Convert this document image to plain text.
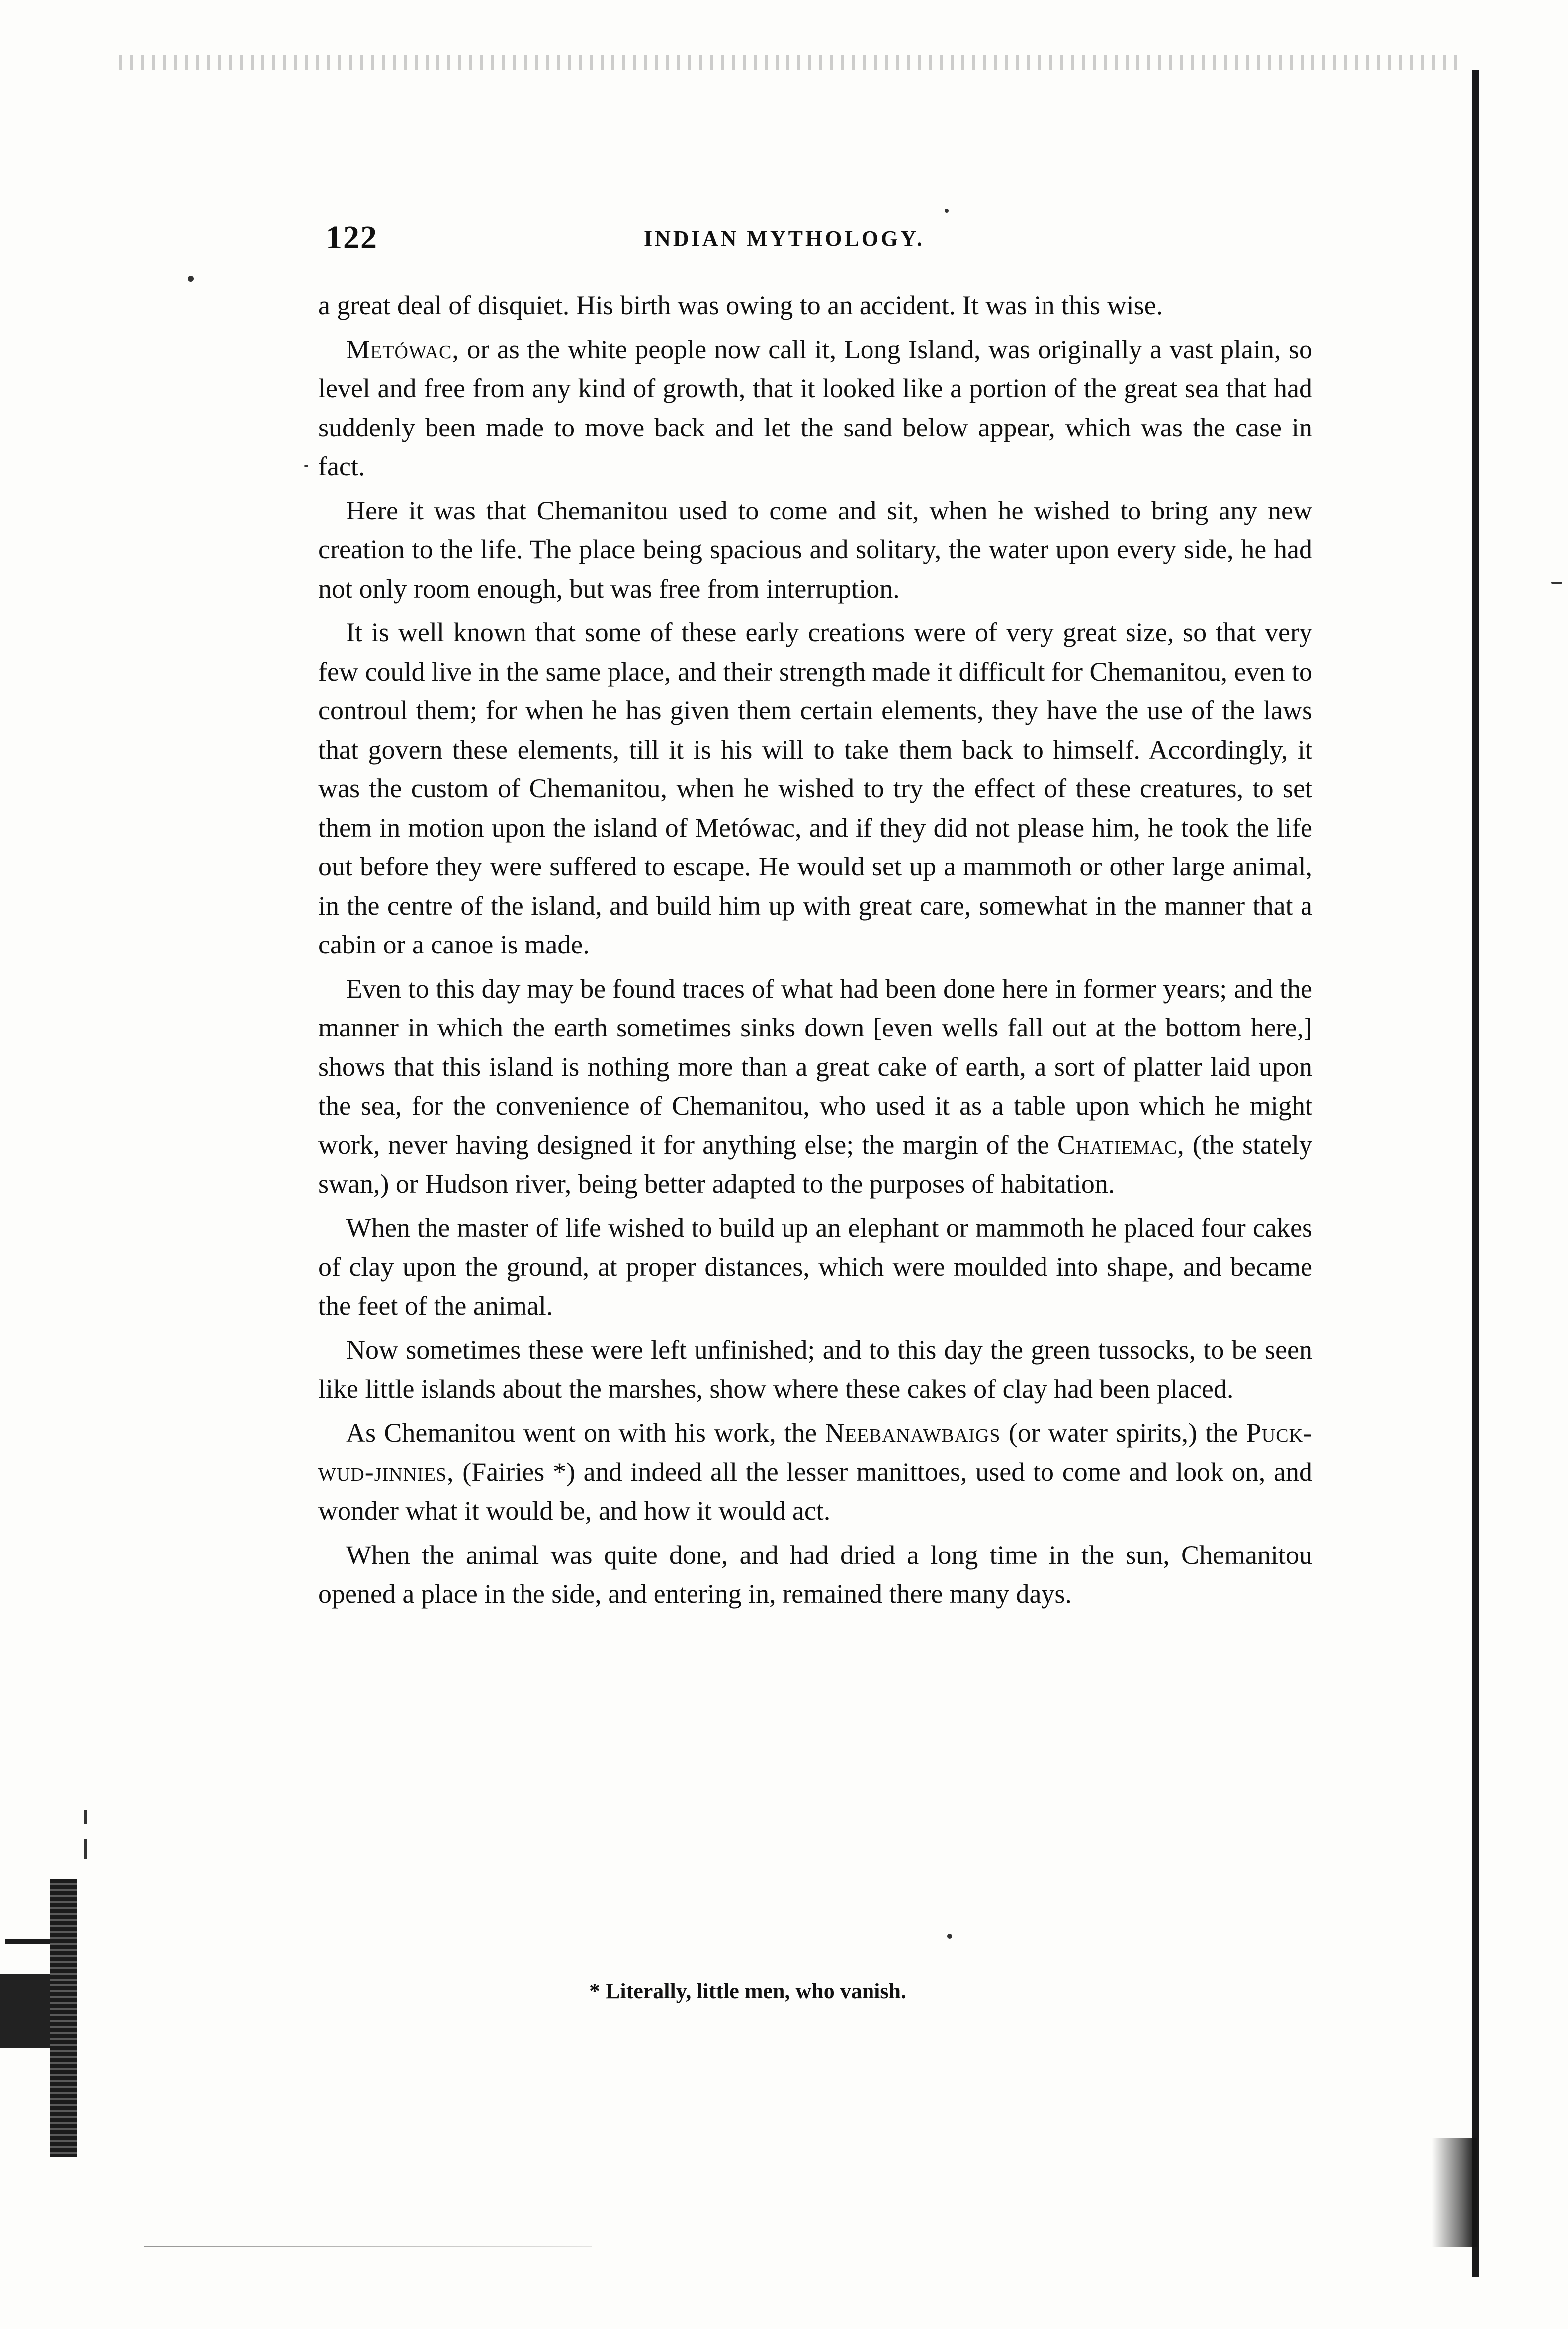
122	INDIAN MYTHOLOGY.

a great deal of disquiet. His birth was owing to an accident. It was in this wise.

Metówac, or as the white people now call it, Long Island, was originally a vast plain, so level and free from any kind of growth, that it looked like a portion of the great sea that had suddenly been made to move back and let the sand below appear, which was the case in fact.

Here it was that Chemanitou used to come and sit, when he wished to bring any new creation to the life. The place being spacious and solitary, the water upon every side, he had not only room enough, but was free from interruption.

It is well known that some of these early creations were of very great size, so that very few could live in the same place, and their strength made it difficult for Chemanitou, even to controul them; for when he has given them certain elements, they have the use of the laws that govern these elements, till it is his will to take them back to himself. Accordingly, it was the custom of Chemanitou, when he wished to try the effect of these creatures, to set them in motion upon the island of Metówac, and if they did not please him, he took the life out before they were suffered to escape. He would set up a mammoth or other large animal, in the centre of the island, and build him up with great care, somewhat in the manner that a cabin or a canoe is made.

Even to this day may be found traces of what had been done here in former years; and the manner in which the earth sometimes sinks down [even wells fall out at the bottom here,] shows that this island is nothing more than a great cake of earth, a sort of platter laid upon the sea, for the convenience of Chemanitou, who used it as a table upon which he might work, never having designed it for anything else; the margin of the Chatiemac, (the stately swan,) or Hudson river, being better adapted to the purposes of habitation.

When the master of life wished to build up an elephant or mammoth he placed four cakes of clay upon the ground, at proper distances, which were moulded into shape, and became the feet of the animal.

Now sometimes these were left unfinished; and to this day the green tussocks, to be seen like little islands about the marshes, show where these cakes of clay had been placed.

As Chemanitou went on with his work, the Neebanawbaigs (or water spirits,) the Puck-wud-jinnies, (Fairies *) and indeed all the lesser manittoes, used to come and look on, and wonder what it would be, and how it would act.

When the animal was quite done, and had dried a long time in the sun, Chemanitou opened a place in the side, and entering in, remained there many days.

* Literally, little men, who vanish.
